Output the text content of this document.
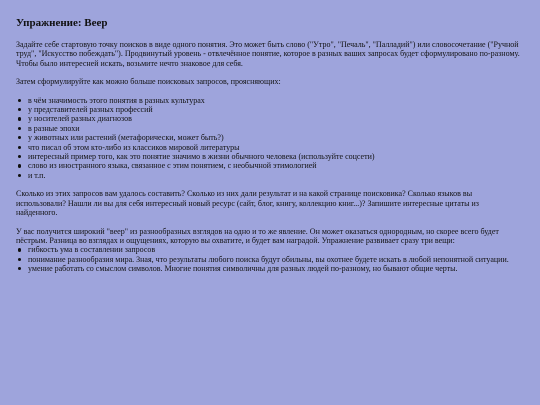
Упражнение: Веер

Задайте себе стартовую точку поисков в виде одного понятия. Это может быть слово ("Утро", "Печаль", "Палладий") или словосочетание ("Ручной труд", "Искусство побеждать"). Продвинутый уровень - отвлечённое понятие, которое в разных ваших запросах будет сформулировано по-разному. Чтобы было интересней искать, возьмите нечто знаковое для себя.

Затем сформулируйте как можно больше поисковых запросов, проясняющих:

в чём значимость этого понятия в разных культурах
у представителей разных профессий
у носителей разных диагнозов
в разные эпохи
у животных или растений (метафорически, может быть?)
что писал об этом кто-либо из классиков мировой литературы
интересный пример того, как это понятие значимо в жизни обычного человека (используйте соцсети)
слово из иностранного языка, связанное с этим понятием, с необычной этимологией
и т.п.

Сколько из этих запросов вам удалось составить? Сколько из них дали результат и на какой странице поисковика? Сколько языков вы использовали? Нашли ли вы для себя интересный новый ресурс (сайт, блог, книгу, коллекцию книг...)? Запишите интересные цитаты из найденного.

У вас получится широкий "веер" из разнообразных взглядов на одно и то же явление. Он может оказаться однородным, но скорее всего будет пёстрым. Разница во взглядах и ощущениях, которую вы охватите, и будет вам наградой. Упражнение развивает сразу три вещи:

гибкость ума в составлении запросов
понимание разнообразия мира. Зная, что результаты любого поиска будут обильны, вы охотнее будете искать в любой непонятной ситуации.
умение работать со смыслом символов. Многие понятия символичны для разных людей по-разному, но бывают общие черты.
